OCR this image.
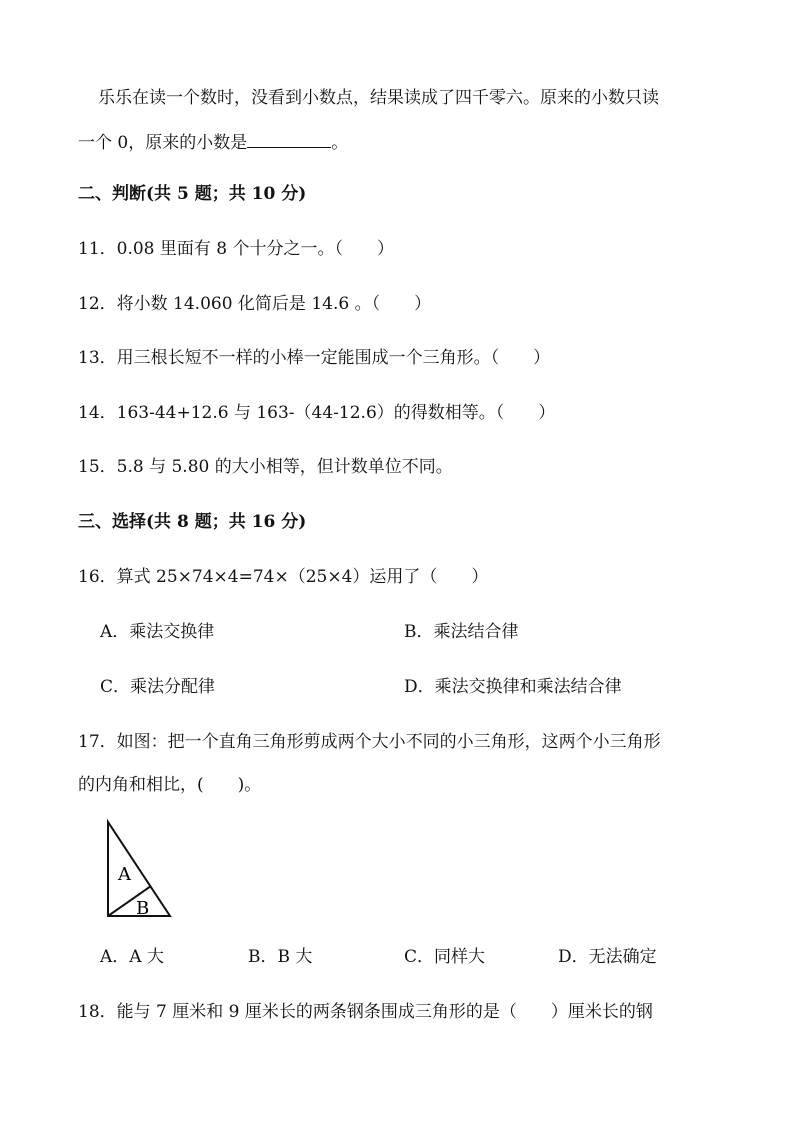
乐乐在读一个数时，没看到小数点，结果读成了四千零六。原来的小数只读
一个 0，原来的小数是	。
二、判断(共 5 题；共 10 分)
11．0.08 里面有 8 个十分之一。（　　）
12．将小数 14.060 化简后是 14.6 。（　　）
13．用三根长短不一样的小棒一定能围成一个三角形。（　　）
14．163-44+12.6 与 163-（44-12.6）的得数相等。（　　）
15．5.8 与 5.80 的大小相等，但计数单位不同。
三、选择(共 8 题；共 16 分)
16．算式 25×74×4=74×（25×4）运用了（　　）
A．乘法交换律	B．乘法结合律
C．乘法分配律	D．乘法交换律和乘法结合律
17．如图：把一个直角三角形剪成两个大小不同的小三角形，这两个小三角形
的内角和相比，(　　)。
A
B
A．A 大	B．B 大	C．同样大	D．无法确定
18．能与 7 厘米和 9 厘米长的两条钢条围成三角形的是（　　）厘米长的钢
